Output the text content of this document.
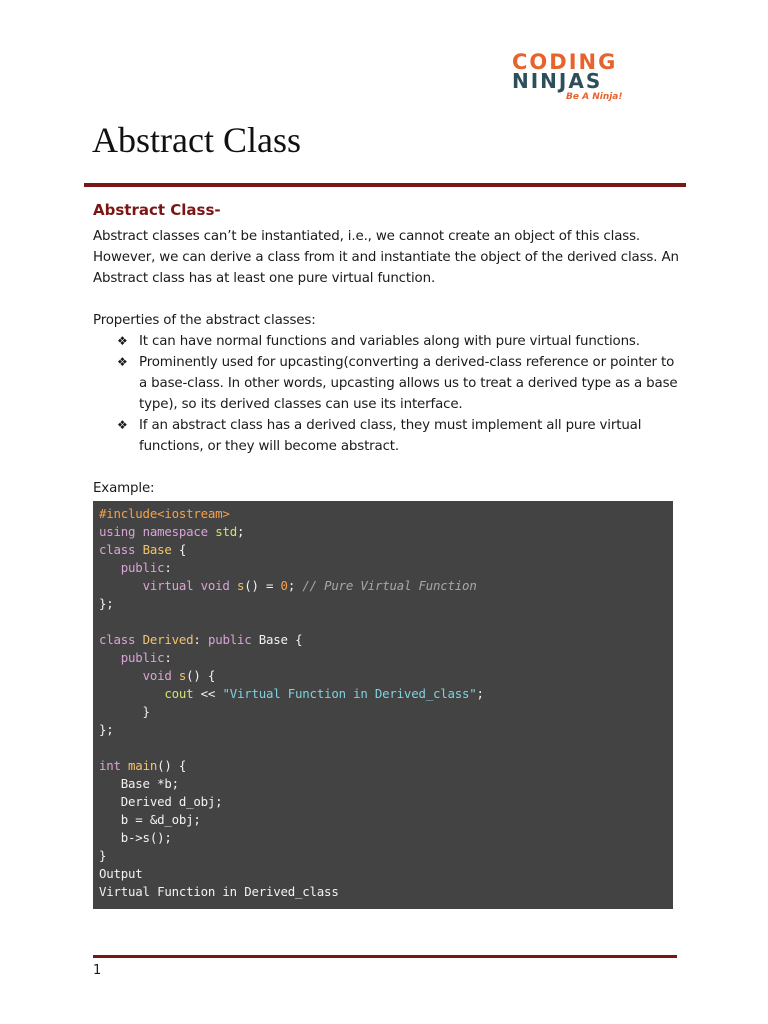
CODING
NINJAS
Be A Ninja!
Abstract Class
Abstract Class-

Abstract classes can’t be instantiated, i.e., we cannot create an object of this class. However, we can derive a class from it and instantiate the object of the derived class. An Abstract class has at least one pure virtual function.

Properties of the abstract classes:

❖ It can have normal functions and variables along with pure virtual functions.
❖ Prominently used for upcasting(converting a derived-class reference or pointer to a base-class. In other words, upcasting allows us to treat a derived type as a base type), so its derived classes can use its interface.
❖ If an abstract class has a derived class, they must implement all pure virtual functions, or they will become abstract.

Example:

#include<iostream>
using namespace std;
class Base {
public:
virtual void s() = 0; // Pure Virtual Function
};

class Derived: public Base {
public:
void s() {
cout << "Virtual Function in Derived_class";
}
};

int main() {
Base *b;
Derived d_obj;
b = &d_obj;
b->s();
}
Output
Virtual Function in Derived_class
1
